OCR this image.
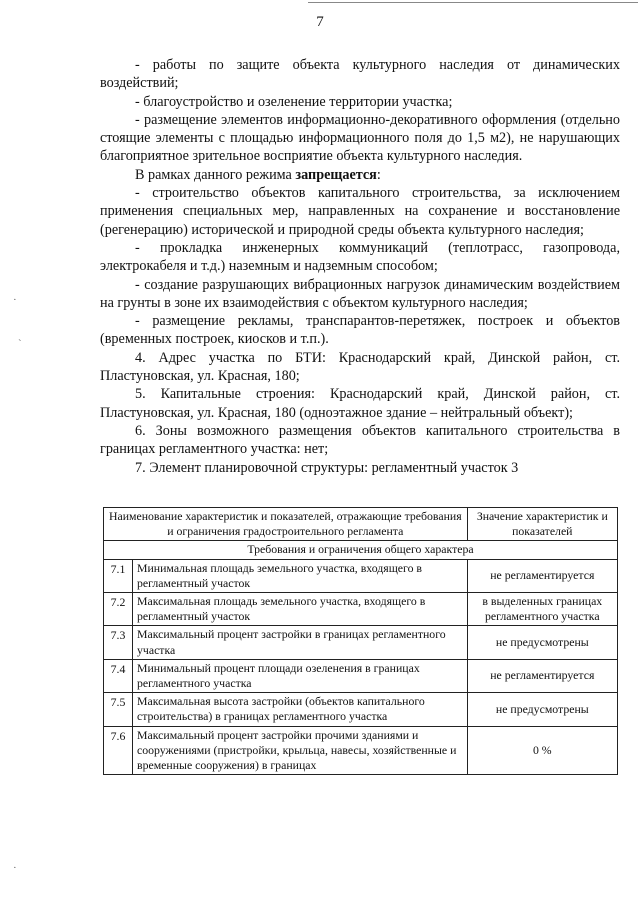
7
·
`
·

- работы по защите объекта культурного наследия от динамических воздействий;

- благоустройство и озеленение территории участка;

- размещение элементов информационно-декоративного оформления (отдельно стоящие элементы с площадью информационного поля до 1,5 м2), не нарушающих благоприятное зрительное восприятие объекта культурного наследия.

В рамках данного режима запрещается:

- строительство объектов капитального строительства, за исключением применения специальных мер, направленных на сохранение и восстановление (регенерацию) исторической и природной среды объекта культурного наследия;

- прокладка инженерных коммуникаций (теплотрасс, газопровода, электрокабеля и т.д.) наземным и надземным способом;

- создание разрушающих вибрационных нагрузок динамическим воздействием на грунты в зоне их взаимодействия с объектом культурного наследия;

- размещение рекламы, транспарантов-перетяжек, построек и объектов (временных построек, киосков и т.п.).

4. Адрес участка по БТИ: Краснодарский край, Динской район, ст. Пластуновская, ул. Красная, 180;

5. Капитальные строения: Краснодарский край, Динской район, ст. Пластуновская, ул. Красная, 180 (одноэтажное здание – нейтральный объект);

6. Зоны возможного размещения объектов капитального строительства в границах регламентного участка: нет;

7. Элемент планировочной структуры: регламентный участок 3

Наименование характеристик и показателей, отражающие требования и ограничения градостроительного регламента		Значение характеристик и показателей
Требования и ограничения общего характера		
7.1	Минимальная площадь земельного участка, входящего в регламентный участок	не регламентируется
7.2	Максимальная площадь земельного участка, входящего в регламентный участок	в выделенных границах регламентного участка
7.3	Максимальный процент застройки в границах регламентного участка	не предусмотрены
7.4	Минимальный процент площади озеленения в границах регламентного участка	не регламентируется
7.5	Максимальная высота застройки (объектов капитального строительства) в границах регламентного участка	не предусмотрены
7.6	Максимальный процент застройки прочими зданиями и сооружениями (пристройки, крыльца, навесы, хозяйственные и временные сооружения) в границах	0 %
